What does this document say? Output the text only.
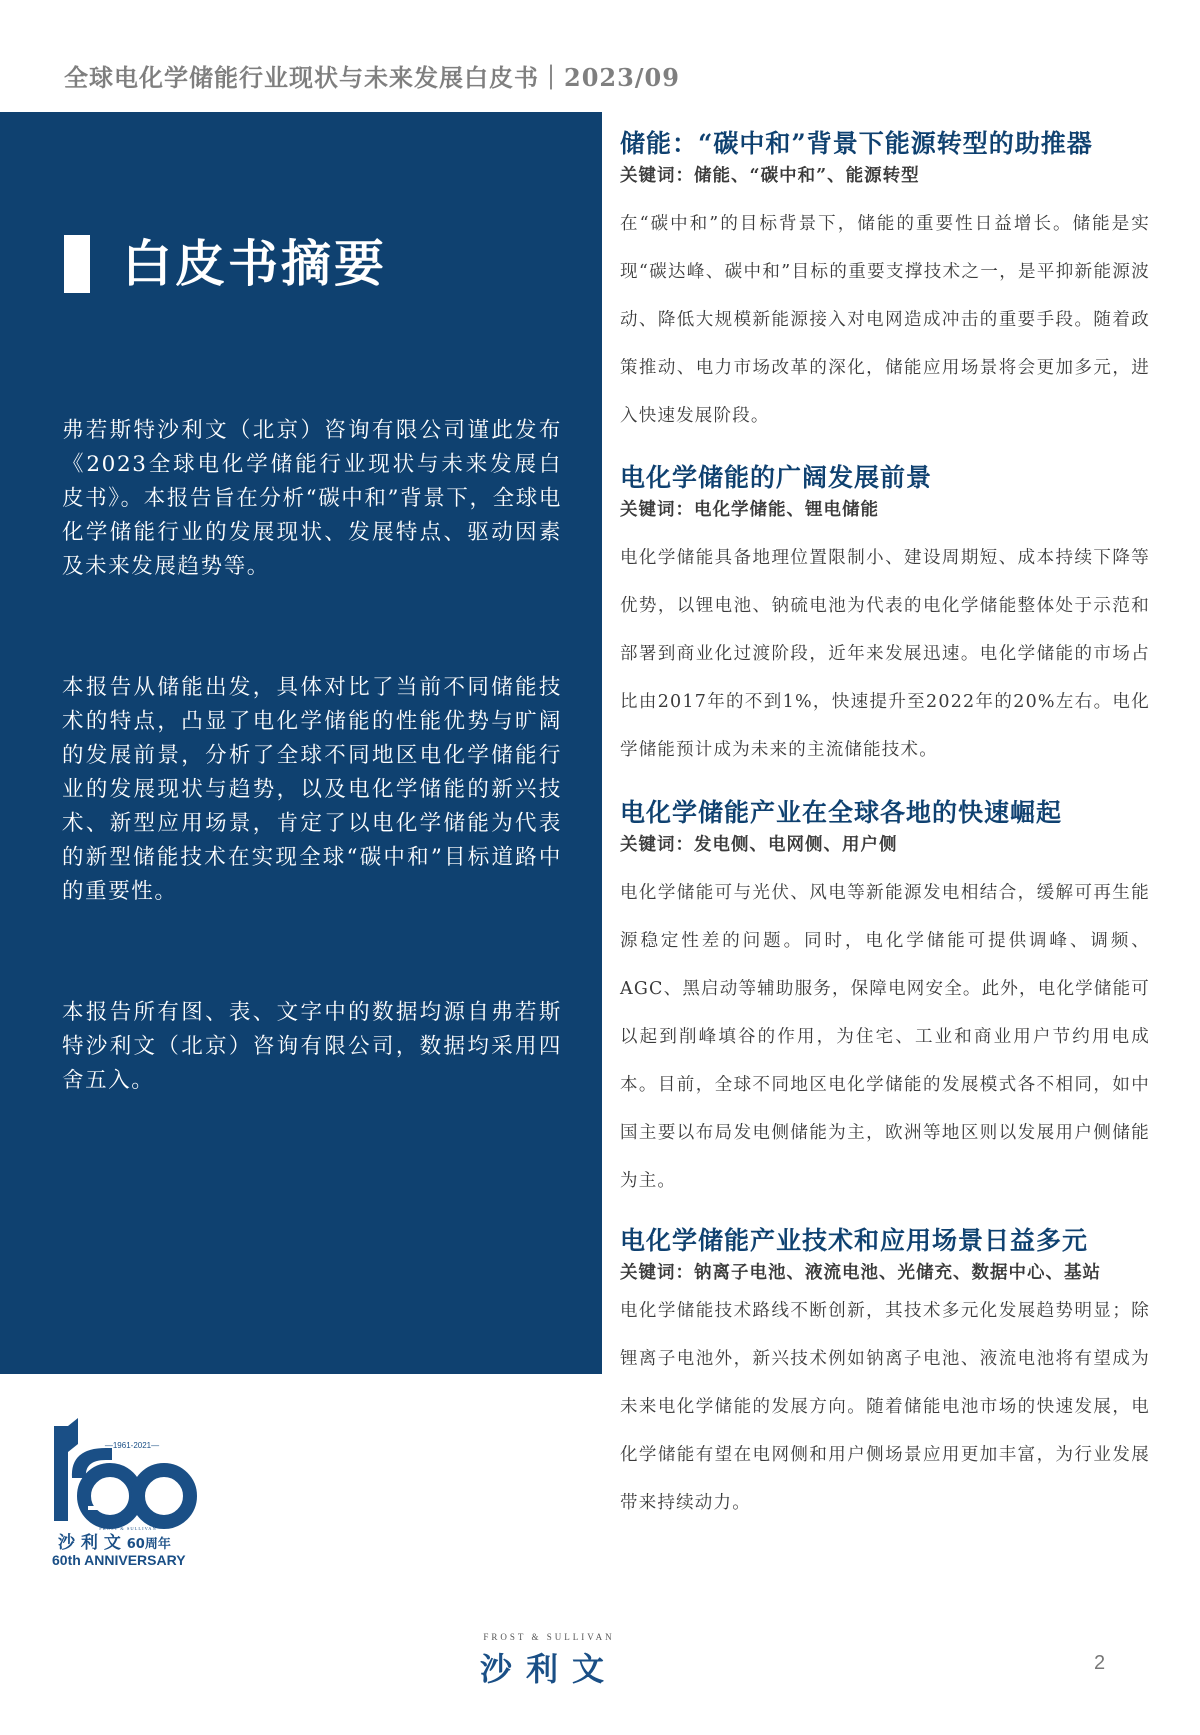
全球电化学储能行业现状与未来发展白皮书｜2023/09
白皮书摘要

弗若斯特沙利文（北京）咨询有限公司谨此发布《2023全球电化学储能行业现状与未来发展白皮书》。本报告旨在分析“碳中和”背景下，全球电化学储能行业的发展现状、发展特点、驱动因素及未来发展趋势等。

本报告从储能出发，具体对比了当前不同储能技术的特点，凸显了电化学储能的性能优势与旷阔的发展前景，分析了全球不同地区电化学储能行业的发展现状与趋势，以及电化学储能的新兴技术、新型应用场景，肯定了以电化学储能为代表的新型储能技术在实现全球“碳中和”目标道路中的重要性。

本报告所有图、表、文字中的数据均源自弗若斯特沙利文（北京）咨询有限公司，数据均采用四舍五入。

储能：“碳中和”背景下能源转型的助推器

关键词：储能、“碳中和”、能源转型

在“碳中和”的目标背景下，储能的重要性日益增长。储能是实现“碳达峰、碳中和”目标的重要支撑技术之一，是平抑新能源波动、降低大规模新能源接入对电网造成冲击的重要手段。随着政策推动、电力市场改革的深化，储能应用场景将会更加多元，进入快速发展阶段。

电化学储能的广阔发展前景

关键词：电化学储能、锂电储能

电化学储能具备地理位置限制小、建设周期短、成本持续下降等优势，以锂电池、钠硫电池为代表的电化学储能整体处于示范和部署到商业化过渡阶段，近年来发展迅速。电化学储能的市场占比由2017年的不到1%，快速提升至2022年的20%左右。电化学储能预计成为未来的主流储能技术。

电化学储能产业在全球各地的快速崛起

关键词：发电侧、电网侧、用户侧

电化学储能可与光伏、风电等新能源发电相结合，缓解可再生能源稳定性差的问题。同时，电化学储能可提供调峰、调频、AGC、黑启动等辅助服务，保障电网安全。此外，电化学储能可以起到削峰填谷的作用，为住宅、工业和商业用户节约用电成本。目前，全球不同地区电化学储能的发展模式各不相同，如中国主要以布局发电侧储能为主，欧洲等地区则以发展用户侧储能为主。

电化学储能产业技术和应用场景日益多元

关键词：钠离子电池、液流电池、光储充、数据中心、基站

电化学储能技术路线不断创新，其技术多元化发展趋势明显；除锂离子电池外，新兴技术例如钠离子电池、液流电池将有望成为未来电化学储能的发展方向。随着储能电池市场的快速发展，电化学储能有望在电网侧和用户侧场景应用更加丰富，为行业发展带来持续动力。

—1961-2021—
FROST & SULLIVAN
沙 利 文 60周年
60th ANNIVERSARY
FROST & SULLIVAN
沙利文	2
